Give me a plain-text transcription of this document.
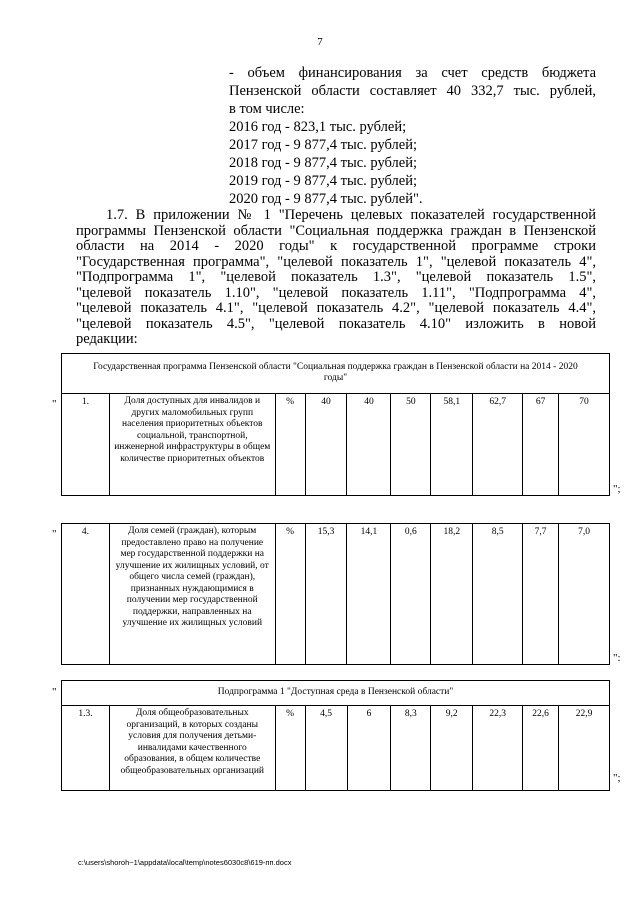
7
- объем финансирования за счет средств бюджета
Пензенской области составляет 40 332,7 тыс. рублей,
в том числе:
2016 год - 823,1 тыс. рублей;
2017 год - 9 877,4 тыс. рублей;
2018 год - 9 877,4 тыс. рублей;
2019 год - 9 877,4 тыс. рублей;
2020 год - 9 877,4 тыс. рублей".
1.7. В приложении № 1 "Перечень целевых показателей государственной
программы Пензенской области "Социальная поддержка граждан в Пензенской
области на 2014 - 2020 годы" к государственной программе строки
"Государственная программа", "целевой показатель 1", "целевой показатель 4",
"Подпрограмма 1", "целевой показатель 1.3", "целевой показатель 1.5",
"целевой показатель 1.10", "целевой показатель 1.11", "Подпрограмма 4",
"целевой показатель 4.1", "целевой показатель 4.2", "целевой показатель 4.4",
"целевой показатель 4.5", "целевой показатель 4.10" изложить в новой
редакции:
"
Государственная программа Пензенской области "Социальная поддержка граждан в Пензенской области на 2014 - 2020 годы"
1.	Доля доступных для инвалидов и других маломобильных групп населения приоритетных объектов социальной, транспортной, инженерной инфраструктуры в общем количестве приоритетных объектов	%	40	40	50	58,1	62,7	67	70
";
"	4.	Доля семей (граждан), которым предоставлено право на получение мер государственной поддержки на улучшение их жилищных условий, от общего числа семей (граждан), признанных нуждающимися в получении мер государственной поддержки, направленных на улучшение их жилищных условий	%	15,3	14,1	0,6	18,2	8,5	7,7	7,0
":
"	Подпрограмма 1 "Доступная среда в Пензенской области"
1.3.	Доля общеобразовательных организаций, в которых созданы условия для получения детьми-инвалидами качественного образования, в общем количестве общеобразовательных организаций	%	4,5	6	8,3	9,2	22,3	22,6	22,9
";
c:\users\shoroh~1\appdata\local\temp\notes6030c8\619-пп.docx
